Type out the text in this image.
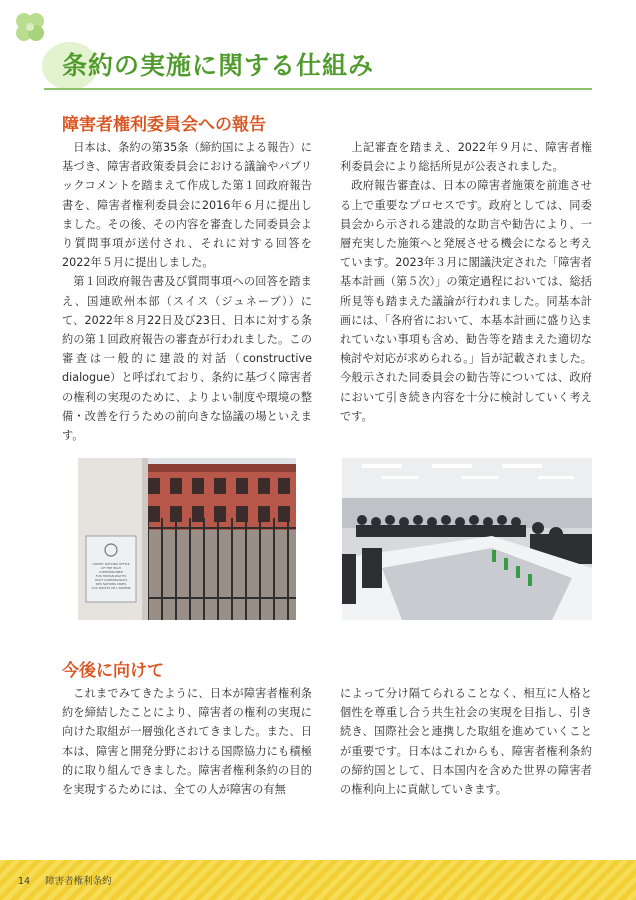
条約の実施に関する仕組み
障害者権利委員会への報告

日本は、条約の第35条（締約国による報告）に基づき、障害者政策委員会における議論やパブリックコメントを踏まえて作成した第１回政府報告書を、障害者権利委員会に2016年６月に提出しました。その後、その内容を審査した同委員会より質問事項が送付され、それに対する回答を2022年５月に提出しました。

第１回政府報告書及び質問事項への回答を踏まえ、国連欧州本部（スイス（ジュネーブ））にて、2022年８月22日及び23日、日本に対する条約の第１回政府報告の審査が行われました。この審査は一般的に建設的対話（constructive dialogue）と呼ばれており、条約に基づく障害者の権利の実現のために、よりよい制度や環境の整備・改善を行うための前向きな協議の場といえます。

上記審査を踏まえ、2022年９月に、障害者権利委員会により総括所見が公表されました。

政府報告審査は、日本の障害者施策を前進させる上で重要なプロセスです。政府としては、同委員会から示される建設的な助言や勧告により、一層充実した施策へと発展させる機会になると考えています。2023年３月に閣議決定された「障害者基本計画（第５次）」の策定過程においては、総括所見等も踏まえた議論が行われました。同基本計画には、「各府省において、本基本計画に盛り込まれていない事項も含め、勧告等を踏まえた適切な検討や対応が求められる。」旨が記載されました。今般示された同委員会の勧告等については、政府において引き続き内容を十分に検討していく考えです。

UNITED NATIONS OFFICE
OF THE HIGH COMMISSIONER
FOR HUMAN RIGHTS
HAUT COMMISSARIAT
DES NATIONS UNIES
AUX DROITS DE L'HOMME
今後に向けて

これまでみてきたように、日本が障害者権利条約を締結したことにより、障害者の権利の実現に向けた取組が一層強化されてきました。また、日本は、障害と開発分野における国際協力にも積極的に取り組んできました。障害者権利条約の目的を実現するためには、全ての人が障害の有無

によって分け隔てられることなく、相互に人格と個性を尊重し合う共生社会の実現を目指し、引き続き、国際社会と連携した取組を進めていくことが重要です。日本はこれからも、障害者権利条約の締約国として、日本国内を含めた世界の障害者の権利向上に貢献していきます。

14 障害者権利条約
